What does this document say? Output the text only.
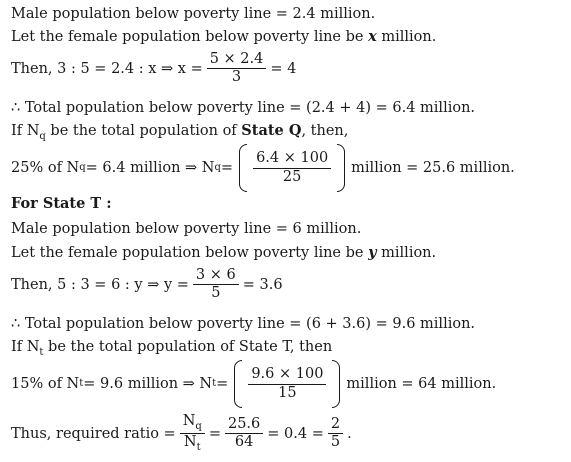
Male population below poverty line = 2.4 million.
Let the female population below poverty line be x million.
Then, 3 : 5 = 2.4 : x ⇒ $x = \frac{5 \times 2.4}{3} = 4$
∴ Total population below poverty line = (2.4 + 4) = 6.4 million.
If $N_q$ be the total population of State Q, then,
25% of N q = 6.4 million ⇒ N $q = \frac{6.4 \times 100}{25}$ million = 25.6 million.
For State T :
Male population below poverty line = 6 million.
Let the female population below poverty line be y million.
Then, 5 : 3 = 6 : y ⇒ $y = \frac{3 \times 6}{5} = 3.6$
∴ Total population below poverty line = (6 + 3.6) = 9.6 million.
If $N_t$ be the total population of State T, then
15% of N t = 9.6 million ⇒ N $t = \frac{9.6 \times 100}{15}$ million = 64 million.
Thus, required ratio = $\frac{N_q}{N_t} = \frac{25.6}{64} = 0.4 = \frac{2}{5}$ .
